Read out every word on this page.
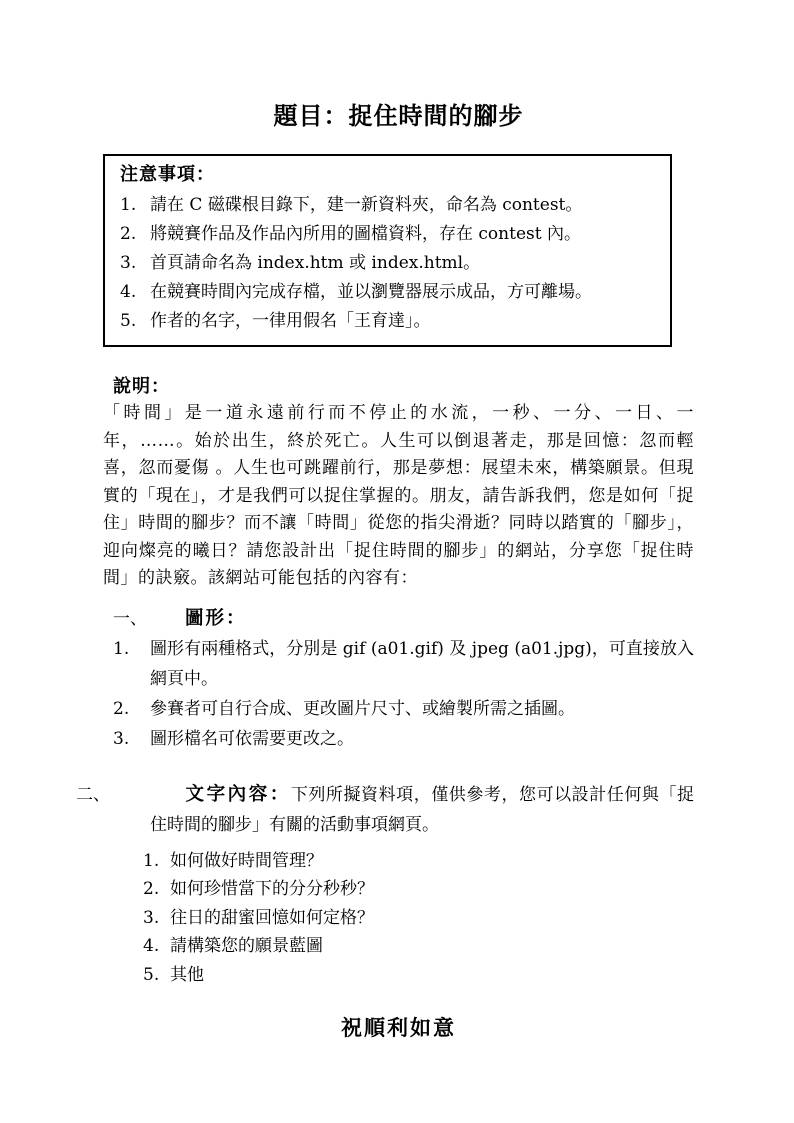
題目：捉住時間的腳步
注意事項：
1. 請在 C 磁碟根目錄下，建一新資料夾，命名為 contest。
2. 將競賽作品及作品內所用的圖檔資料，存在 contest 內。
3. 首頁請命名為 index.htm 或 index.html。
4. 在競賽時間內完成存檔，並以瀏覽器展示成品，方可離場。
5. 作者的名字，一律用假名「王育達」。
說明：

「時間」是一道永遠前行而不停止的水流，一秒、一分、一日、一年，……。始於出生，終於死亡。人生可以倒退著走，那是回憶：忽而輕喜，忽而憂傷 。人生也可跳躍前行，那是夢想：展望未來，構築願景。但現實的「現在」，才是我們可以捉住掌握的。朋友，請告訴我們，您是如何「捉住」時間的腳步？而不讓「時間」從您的指尖滑逝？同時以踏實的「腳步」，迎向燦亮的曦日？請您設計出「捉住時間的腳步」的網站，分享您「捉住時間」的訣竅。該網站可能包括的內容有：

一、 圖形：
1.	圖形有兩種格式，分別是 gif (a01.gif) 及 jpeg (a01.jpg)，可直接放入網頁中。
2.	參賽者可自行合成、更改圖片尺寸、或繪製所需之插圖。
3.	圖形檔名可依需要更改之。
二、	文字內容：下列所擬資料項，僅供參考，您可以設計任何與「捉住時間的腳步」有關的活動事項網頁。
1. 如何做好時間管理？
2. 如何珍惜當下的分分秒秒？
3. 往日的甜蜜回憶如何定格？
4. 請構築您的願景藍圖
5. 其他
祝順利如意
